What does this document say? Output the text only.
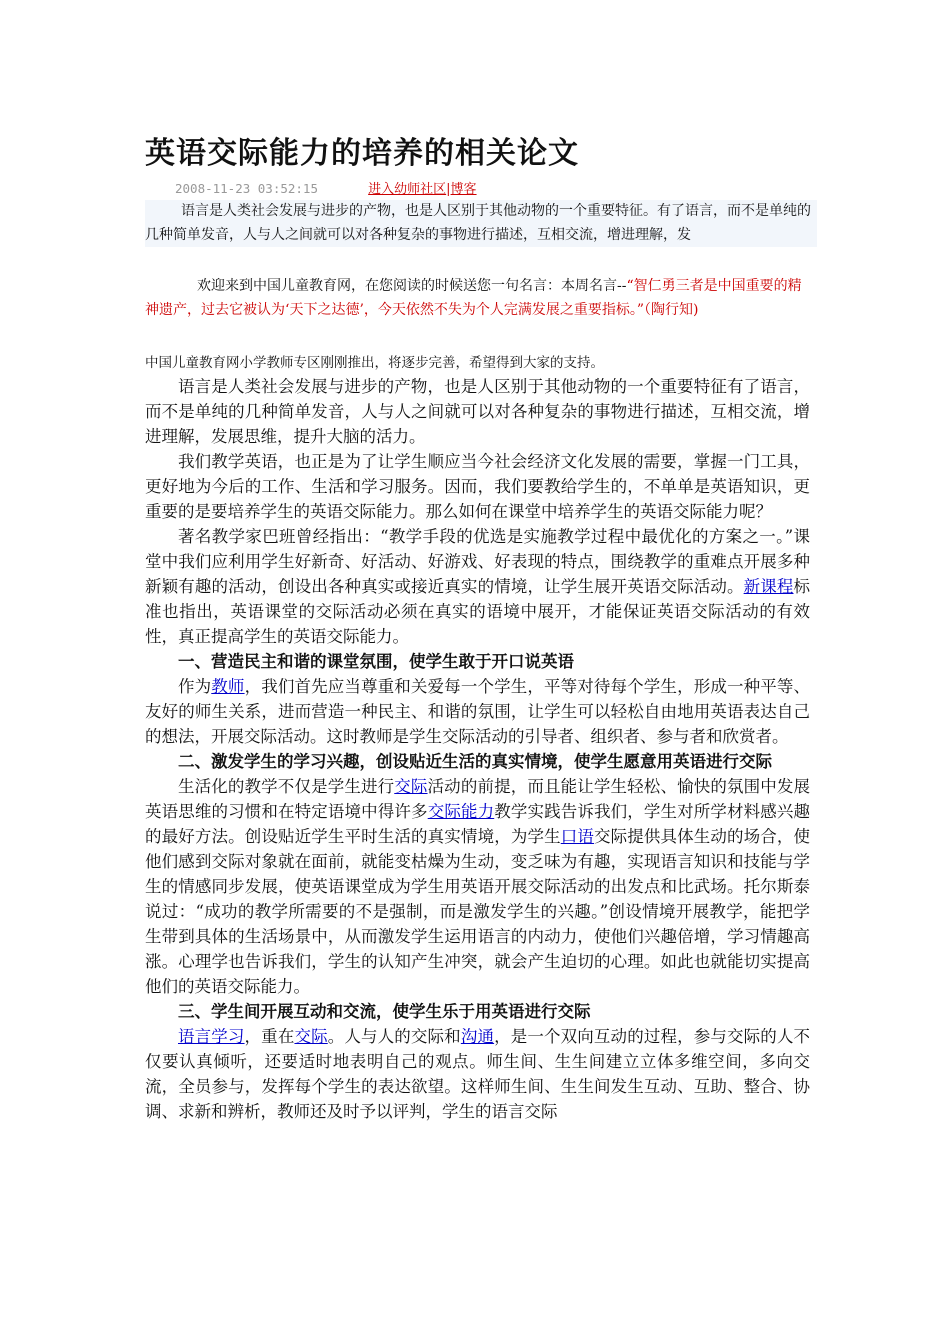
英语交际能力的培养的相关论文
2008-11-23 03:52:15	进入幼师社区|博客

语言是人类社会发展与进步的产物，也是人区别于其他动物的一个重要特征。有了语言，而不是单纯的几种简单发音，人与人之间就可以对各种复杂的事物进行描述，互相交流，增进理解，发

欢迎来到中国儿童教育网，在您阅读的时候送您一句名言：本周名言--“智仁勇三者是中国重要的精神遗产，过去它被认为‘天下之达德’，今天依然不失为个人完满发展之重要指标。”（陶行知)

中国儿童教育网小学教师专区刚刚推出，将逐步完善，希望得到大家的支持。

语言是人类社会发展与进步的产物，也是人区别于其他动物的一个重要特征有了语言，而不是单纯的几种简单发音，人与人之间就可以对各种复杂的事物进行描述，互相交流，增进理解，发展思维，提升大脑的活力。

我们教学英语，也正是为了让学生顺应当今社会经济文化发展的需要，掌握一门工具，更好地为今后的工作、生活和学习服务。因而，我们要教给学生的，不单单是英语知识，更重要的是要培养学生的英语交际能力。那么如何在课堂中培养学生的英语交际能力呢？

著名教学家巴班曾经指出：“教学手段的优选是实施教学过程中最优化的方案之一。”课堂中我们应利用学生好新奇、好活动、好游戏、好表现的特点，围绕教学的重难点开展多种新颖有趣的活动，创设出各种真实或接近真实的情境，让学生展开英语交际活动。新课程标准也指出，英语课堂的交际活动必须在真实的语境中展开，才能保证英语交际活动的有效性，真正提高学生的英语交际能力。

一、营造民主和谐的课堂氛围，使学生敢于开口说英语

作为教师，我们首先应当尊重和关爱每一个学生，平等对待每个学生，形成一种平等、友好的师生关系，进而营造一种民主、和谐的氛围，让学生可以轻松自由地用英语表达自己的想法，开展交际活动。这时教师是学生交际活动的引导者、组织者、参与者和欣赏者。

二、激发学生的学习兴趣，创设贴近生活的真实情境，使学生愿意用英语进行交际

生活化的教学不仅是学生进行交际活动的前提，而且能让学生轻松、愉快的氛围中发展英语思维的习惯和在特定语境中得许多交际能力教学实践告诉我们，学生对所学材料感兴趣的最好方法。创设贴近学生平时生活的真实情境，为学生口语交际提供具体生动的场合，使他们感到交际对象就在面前，就能变枯燥为生动，变乏味为有趣，实现语言知识和技能与学生的情感同步发展，使英语课堂成为学生用英语开展交际活动的出发点和比武场。托尔斯泰说过：“成功的教学所需要的不是强制，而是激发学生的兴趣。”创设情境开展教学，能把学生带到具体的生活场景中，从而激发学生运用语言的内动力，使他们兴趣倍增，学习情趣高涨。心理学也告诉我们，学生的认知产生冲突，就会产生迫切的心理。如此也就能切实提高他们的英语交际能力。

三、学生间开展互动和交流，使学生乐于用英语进行交际

语言学习，重在交际。人与人的交际和沟通，是一个双向互动的过程，参与交际的人不仅要认真倾听，还要适时地表明自己的观点。师生间、生生间建立立体多维空间，多向交流，全员参与，发挥每个学生的表达欲望。这样师生间、生生间发生互动、互助、整合、协调、求新和辨析，教师还及时予以评判，学生的语言交际
